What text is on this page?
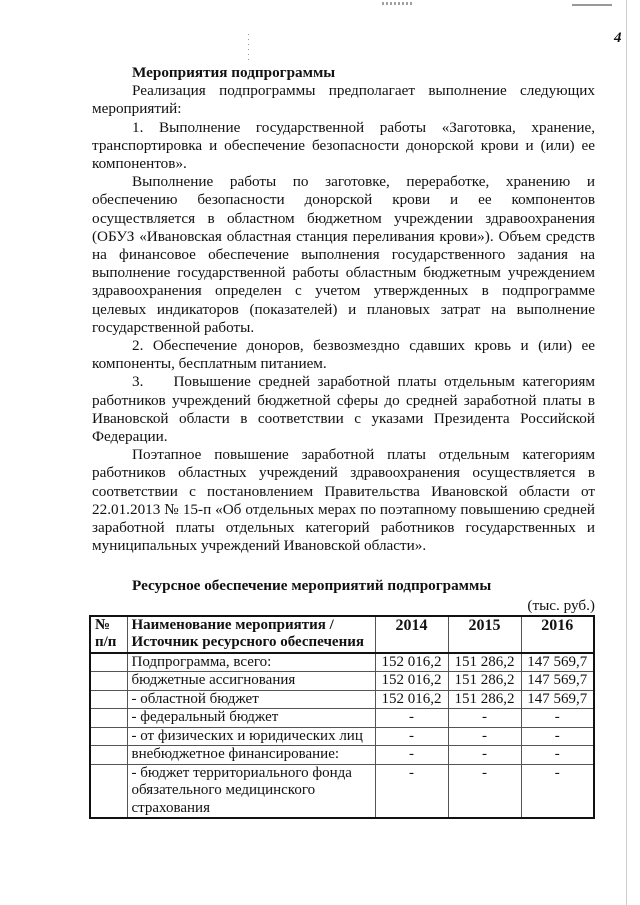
4
Мероприятия подпрограммы

Реализация подпрограммы предполагает выполнение следующих мероприятий:

1. Выполнение государственной работы «Заготовка, хранение, транспортировка и обеспечение безопасности донорской крови и (или) ее компонентов».

Выполнение работы по заготовке, переработке, хранению и обеспечению безопасности донорской крови и ее компонентов осуществляется в областном бюджетном учреждении здравоохранения (ОБУЗ «Ивановская областная станция переливания крови»). Объем средств на финансовое обеспечение выполнения государственного задания на выполнение государственной работы областным бюджетным учреждением здравоохранения определен с учетом утвержденных в подпрограмме целевых индикаторов (показателей) и плановых затрат на выполнение государственной работы.

2. Обеспечение доноров, безвозмездно сдавших кровь и (или) ее компоненты, бесплатным питанием.

3.    Повышение средней заработной платы отдельным категориям работников учреждений бюджетной сферы до средней заработной платы в Ивановской области в соответствии с указами Президента Российской Федерации.

Поэтапное повышение заработной платы отдельным категориям работников областных учреждений здравоохранения осуществляется в соответствии с постановлением Правительства Ивановской области от 22.01.2013 № 15-п «Об отдельных мерах по поэтапному повышению средней заработной платы отдельных категорий работников государственных и муниципальных учреждений Ивановской области».

Ресурсное обеспечение мероприятий подпрограммы
(тыс. руб.)
№ п/п	Наименование мероприятия / Источник ресурсного обеспечения	2014	2015	2016
	Подпрограмма, всего:	152 016,2	151 286,2	147 569,7
	бюджетные ассигнования	152 016,2	151 286,2	147 569,7
	- областной бюджет	152 016,2	151 286,2	147 569,7
	- федеральный бюджет	-	-	-
	- от физических и юридических лиц	-	-	-
	внебюджетное финансирование:	-	-	-
	- бюджет территориального фонда обязательного медицинского страхования	-	-	-
